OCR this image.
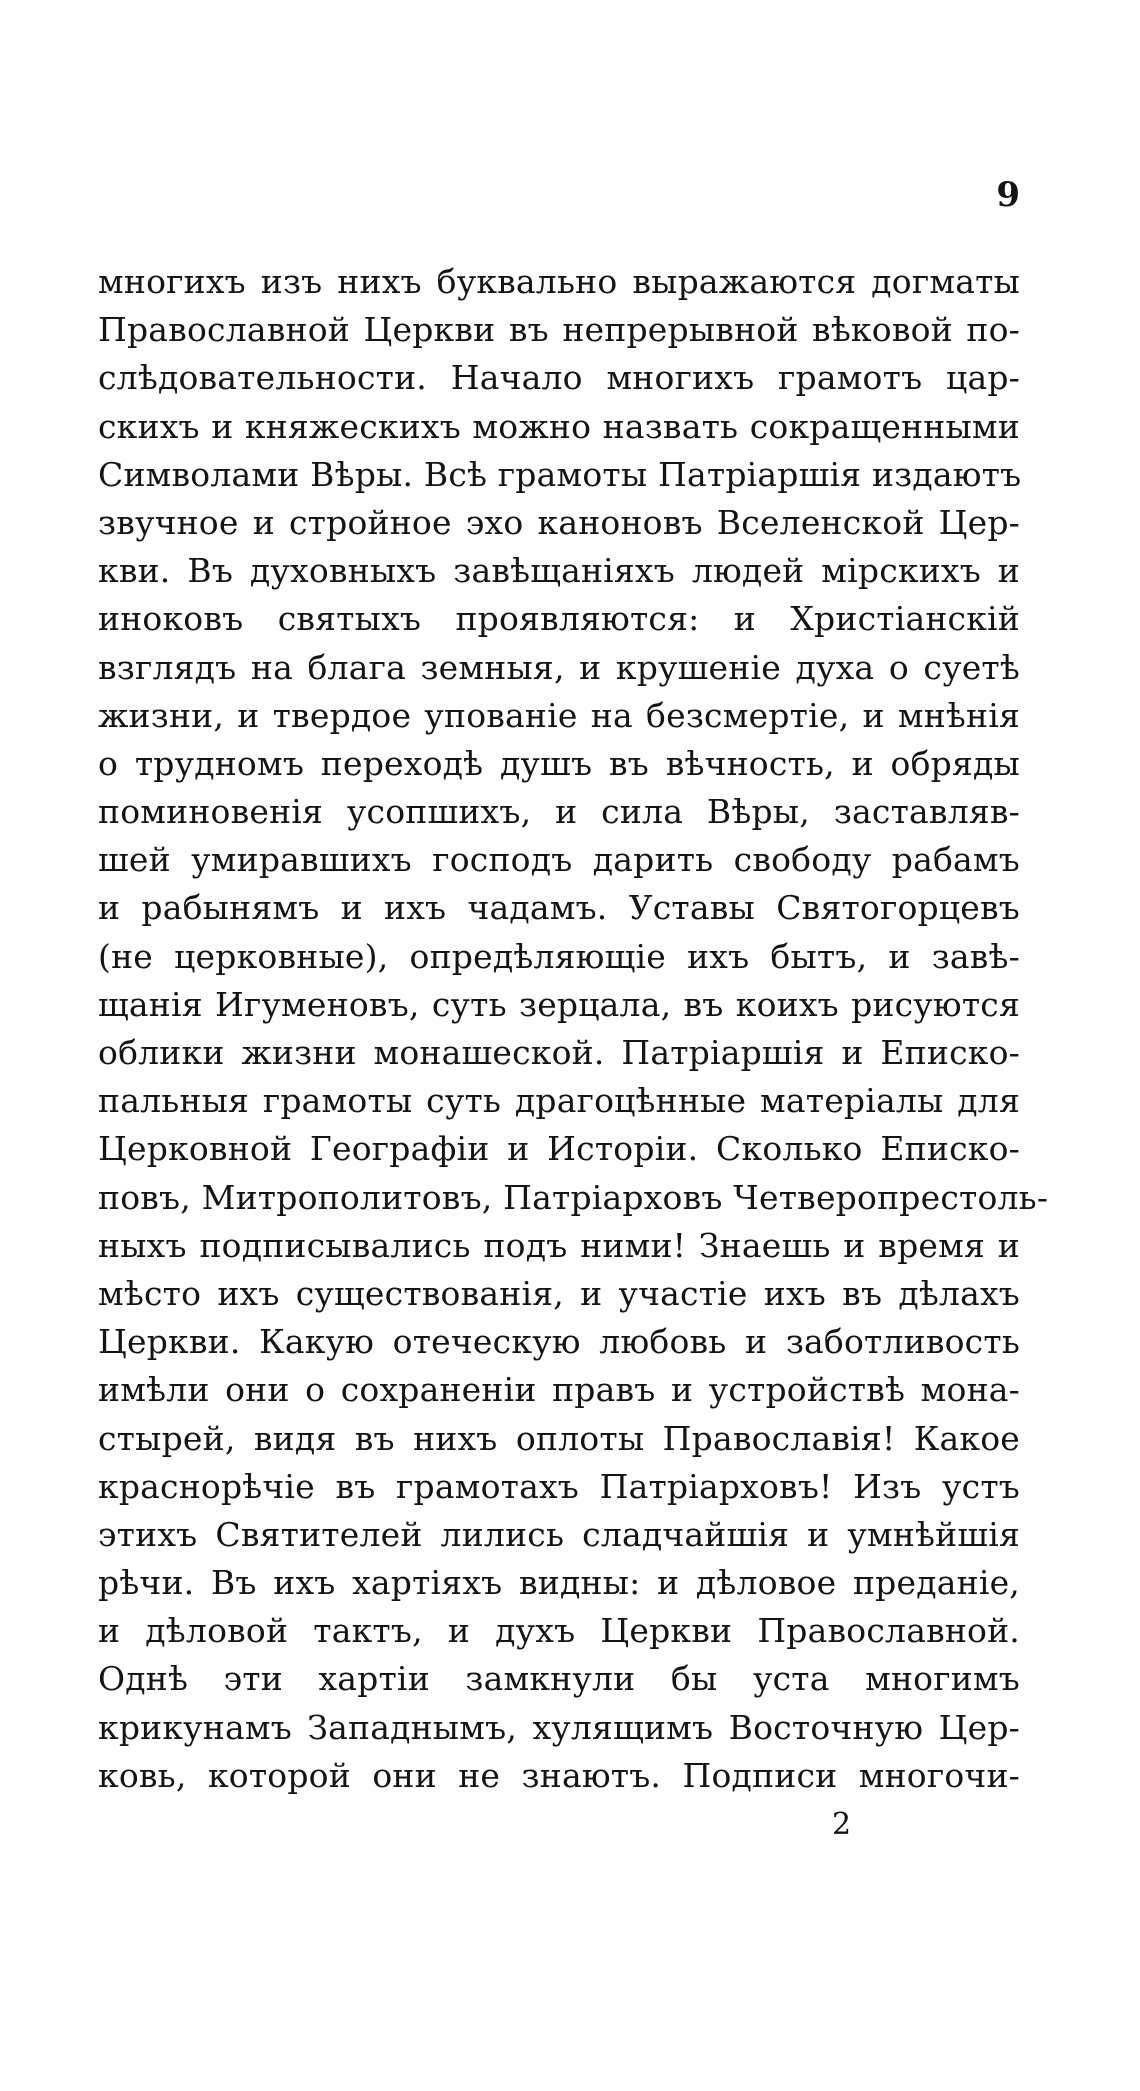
9
многихъ изъ нихъ буквально выражаются догматы
Православной Церкви въ непрерывной вѣковой по-
слѣдовательности. Начало многихъ грамотъ цар-
скихъ и княжескихъ можно назвать сокращенными
Символами Вѣры. Всѣ грамоты Патріаршія издаютъ
звучное и стройное эхо каноновъ Вселенской Цер-
кви. Въ духовныхъ завѣщаніяхъ людей мірскихъ и
иноковъ святыхъ проявляются: и Христіанскій
взглядъ на блага земныя, и крушеніе духа о суетѣ
жизни, и твердое упованіе на безсмертіе, и мнѣнія
о трудномъ переходѣ душъ въ вѣчность, и обряды
поминовенія усопшихъ, и сила Вѣры, заставляв-
шей умиравшихъ господъ дарить свободу рабамъ
и рабынямъ и ихъ чадамъ. Уставы Святогорцевъ
(не церковные), опредѣляющіе ихъ бытъ, и завѣ-
щанія Игуменовъ, суть зерцала, въ коихъ рисуются
облики жизни монашеской. Патріаршія и Еписко-
пальныя грамоты суть драгоцѣнные матеріалы для
Церковной Географіи и Исторіи. Сколько Еписко-
повъ, Митрополитовъ, Патріарховъ Четверопрестоль-
ныхъ подписывались подъ ними! Знаешь и время и
мѣсто ихъ существованія, и участіе ихъ въ дѣлахъ
Церкви. Какую отеческую любовь и заботливость
имѣли они о сохраненіи правъ и устройствѣ мона-
стырей, видя въ нихъ оплоты Православія! Какое
краснорѣчіе въ грамотахъ Патріарховъ! Изъ устъ
этихъ Святителей лились сладчайшія и умнѣйшія
рѣчи. Въ ихъ хартіяхъ видны: и дѣловое преданіе,
и дѣловой тактъ, и духъ Церкви Православной.
Однѣ эти хартіи замкнули бы уста многимъ
крикунамъ Западнымъ, хулящимъ Восточную Цер-
ковь, которой они не знаютъ. Подписи многочи-
2
